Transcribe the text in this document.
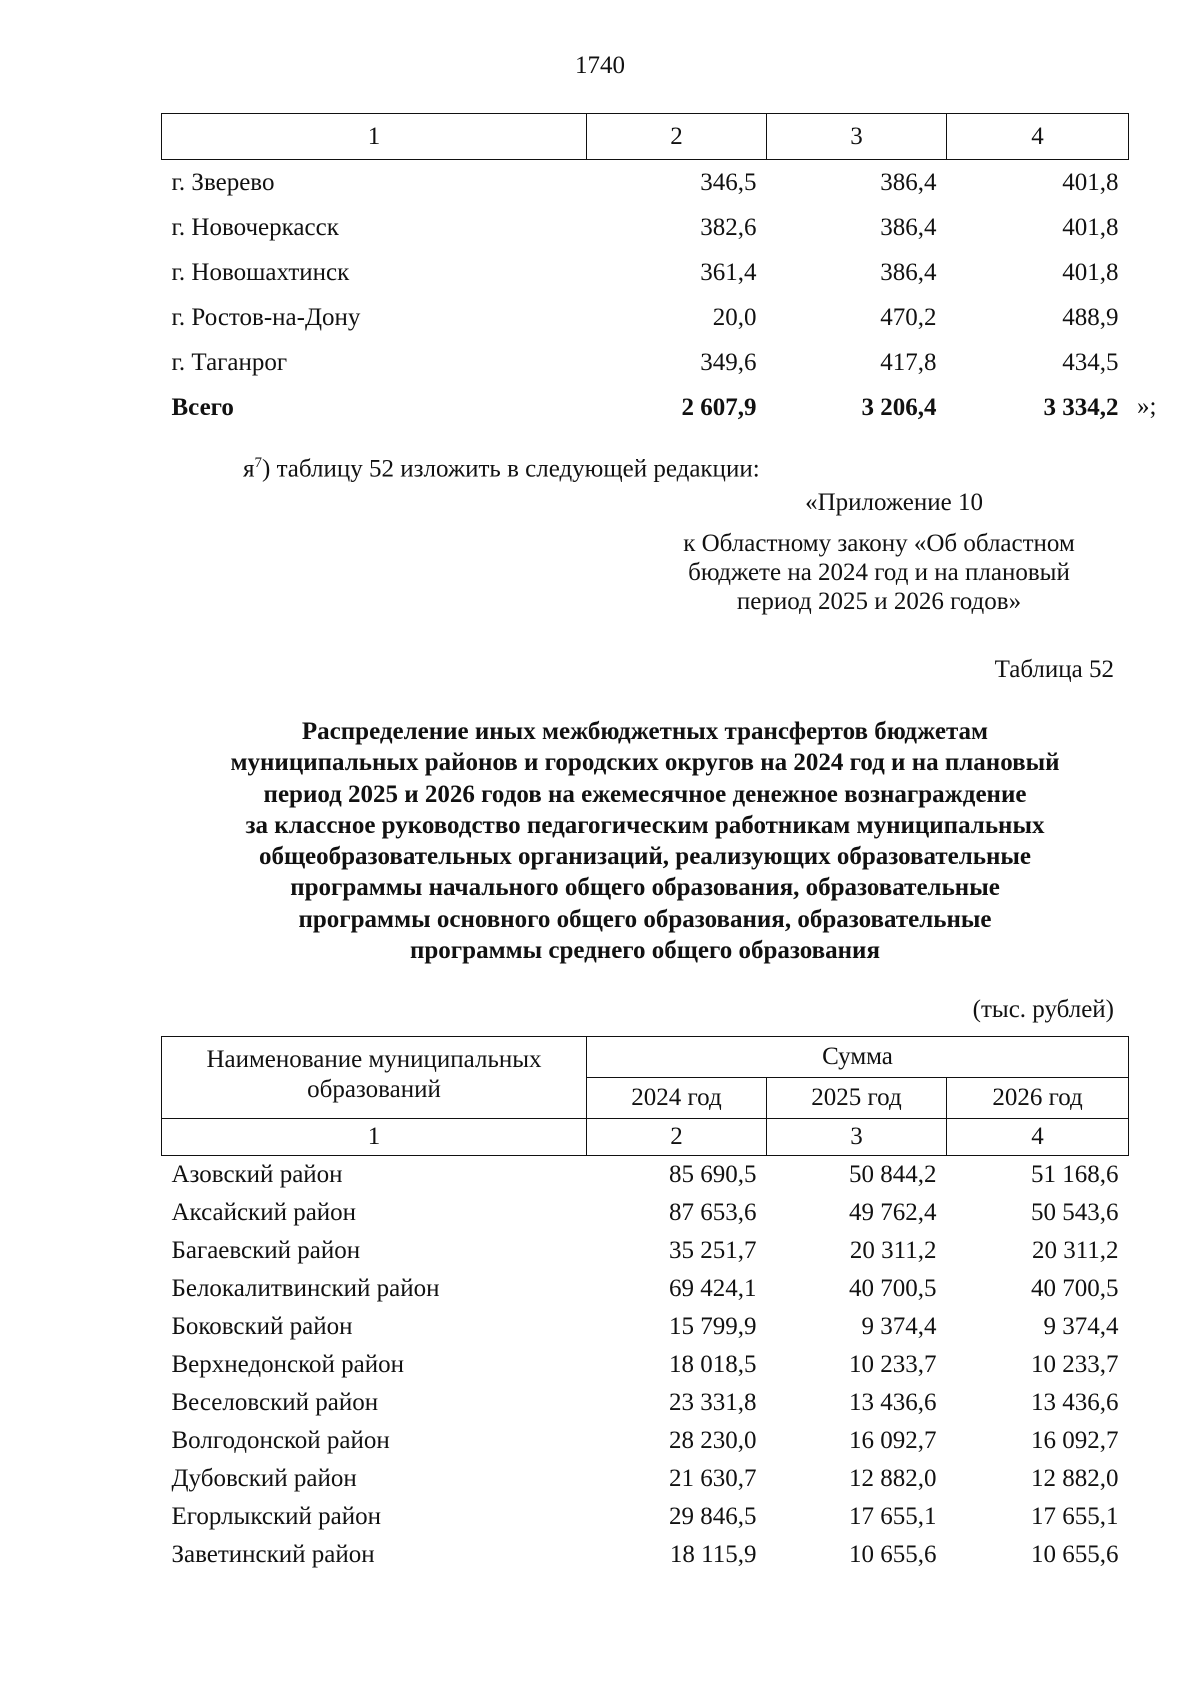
1740
1	2	3	4
г. Зверево	346,5	386,4	401,8
г. Новочеркасск	382,6	386,4	401,8
г. Новошахтинск	361,4	386,4	401,8
г. Ростов-на-Дону	20,0	470,2	488,9
г. Таганрог	349,6	417,8	434,5
Всего	2 607,9	3 206,4	3 334,2 »;
$я^7$) таблицу 52 изложить в следующей редакции:
«Приложение 10
к Областному закону «Об областном
бюджете на 2024 год и на плановый
период 2025 и 2026 годов»
Таблица 52
Распределение иных межбюджетных трансфертов бюджетам
муниципальных районов и городских округов на 2024 год и на плановый
период 2025 и 2026 годов на ежемесячное денежное вознаграждение
за классное руководство педагогическим работникам муниципальных
общеобразовательных организаций, реализующих образовательные
программы начального общего образования, образовательные
программы основного общего образования, образовательные
программы среднего общего образования
(тыс. рублей)
Наименование муниципальных
образований	Сумма		
	2024 год	2025 год	2026 год
1	2	3	4
Азовский район	85 690,5	50 844,2	51 168,6
Аксайский район	87 653,6	49 762,4	50 543,6
Багаевский район	35 251,7	20 311,2	20 311,2
Белокалитвинский район	69 424,1	40 700,5	40 700,5
Боковский район	15 799,9	9 374,4	9 374,4
Верхнедонской район	18 018,5	10 233,7	10 233,7
Веселовский район	23 331,8	13 436,6	13 436,6
Волгодонской район	28 230,0	16 092,7	16 092,7
Дубовский район	21 630,7	12 882,0	12 882,0
Егорлыкский район	29 846,5	17 655,1	17 655,1
Заветинский район	18 115,9	10 655,6	10 655,6
